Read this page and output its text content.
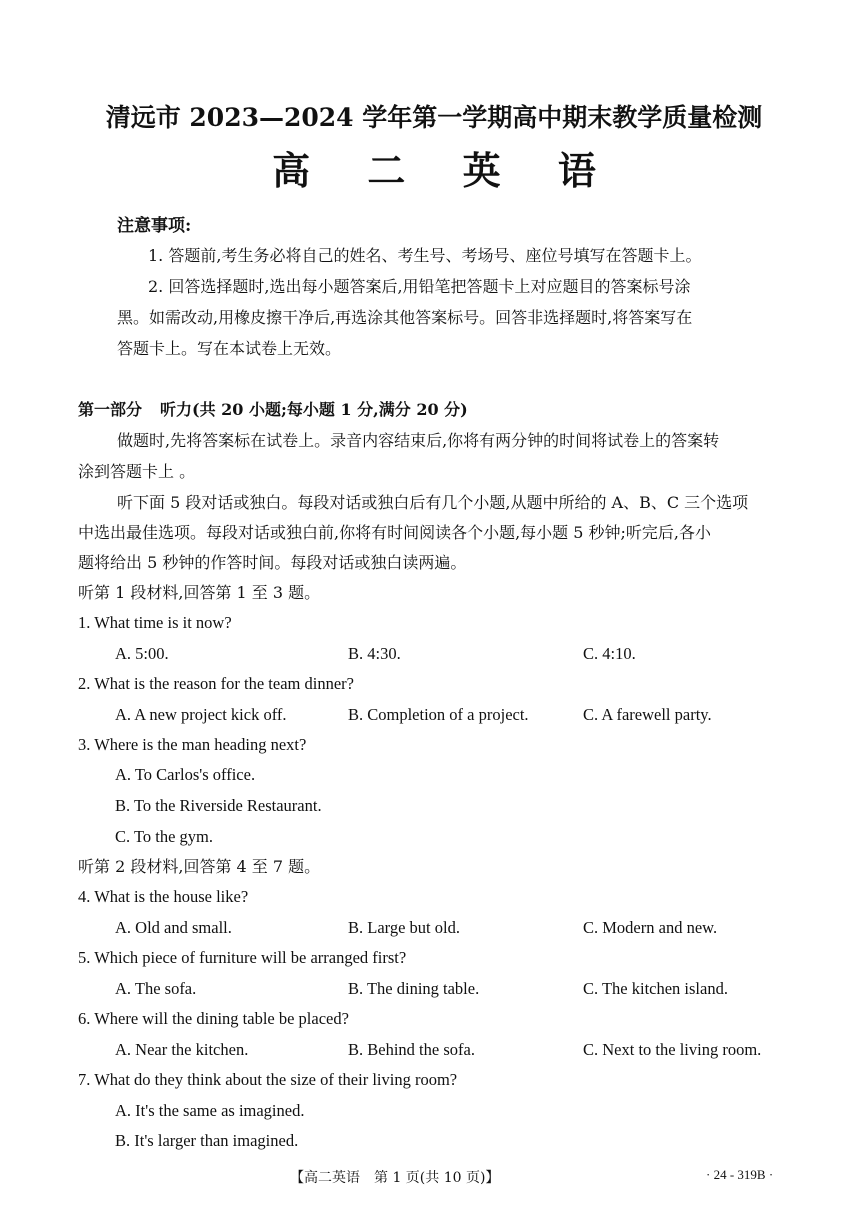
清远市 2023—2024 学年第一学期高中期末教学质量检测
高 二 英 语
注意事项:
1. 答题前,考生务必将自己的姓名、考生号、考场号、座位号填写在答题卡上。
2. 回答选择题时,选出每小题答案后,用铅笔把答题卡上对应题目的答案标号涂
黑。如需改动,用橡皮擦干净后,再选涂其他答案标号。回答非选择题时,将答案写在
答题卡上。写在本试卷上无效。
第一部分 听力(共 20 小题;每小题 1 分,满分 20 分)
做题时,先将答案标在试卷上。录音内容结束后,你将有两分钟的时间将试卷上的答案转
涂到答题卡上 。
听下面 5 段对话或独白。每段对话或独白后有几个小题,从题中所给的 A、B、C 三个选项
中选出最佳选项。每段对话或独白前,你将有时间阅读各个小题,每小题 5 秒钟;听完后,各小
题将给出 5 秒钟的作答时间。每段对话或独白读两遍。
听第 1 段材料,回答第 1 至 3 题。
1. What time is it now?
A. 5:00.	B. 4:30.	C. 4:10.
2. What is the reason for the team dinner?
A. A new project kick off.	B. Completion of a project.	C. A farewell party.
3. Where is the man heading next?
A. To Carlos's office.
B. To the Riverside Restaurant.
C. To the gym.
听第 2 段材料,回答第 4 至 7 题。
4. What is the house like?
A. Old and small.	B. Large but old.	C. Modern and new.
5. Which piece of furniture will be arranged first?
A. The sofa.	B. The dining table.	C. The kitchen island.
6. Where will the dining table be placed?
A. Near the kitchen.	B. Behind the sofa.	C. Next to the living room.
7. What do they think about the size of their living room?
A. It's the same as imagined.
B. It's larger than imagined.
【高二英语　第 1 页(共 10 页)】	· 24 - 319B ·
